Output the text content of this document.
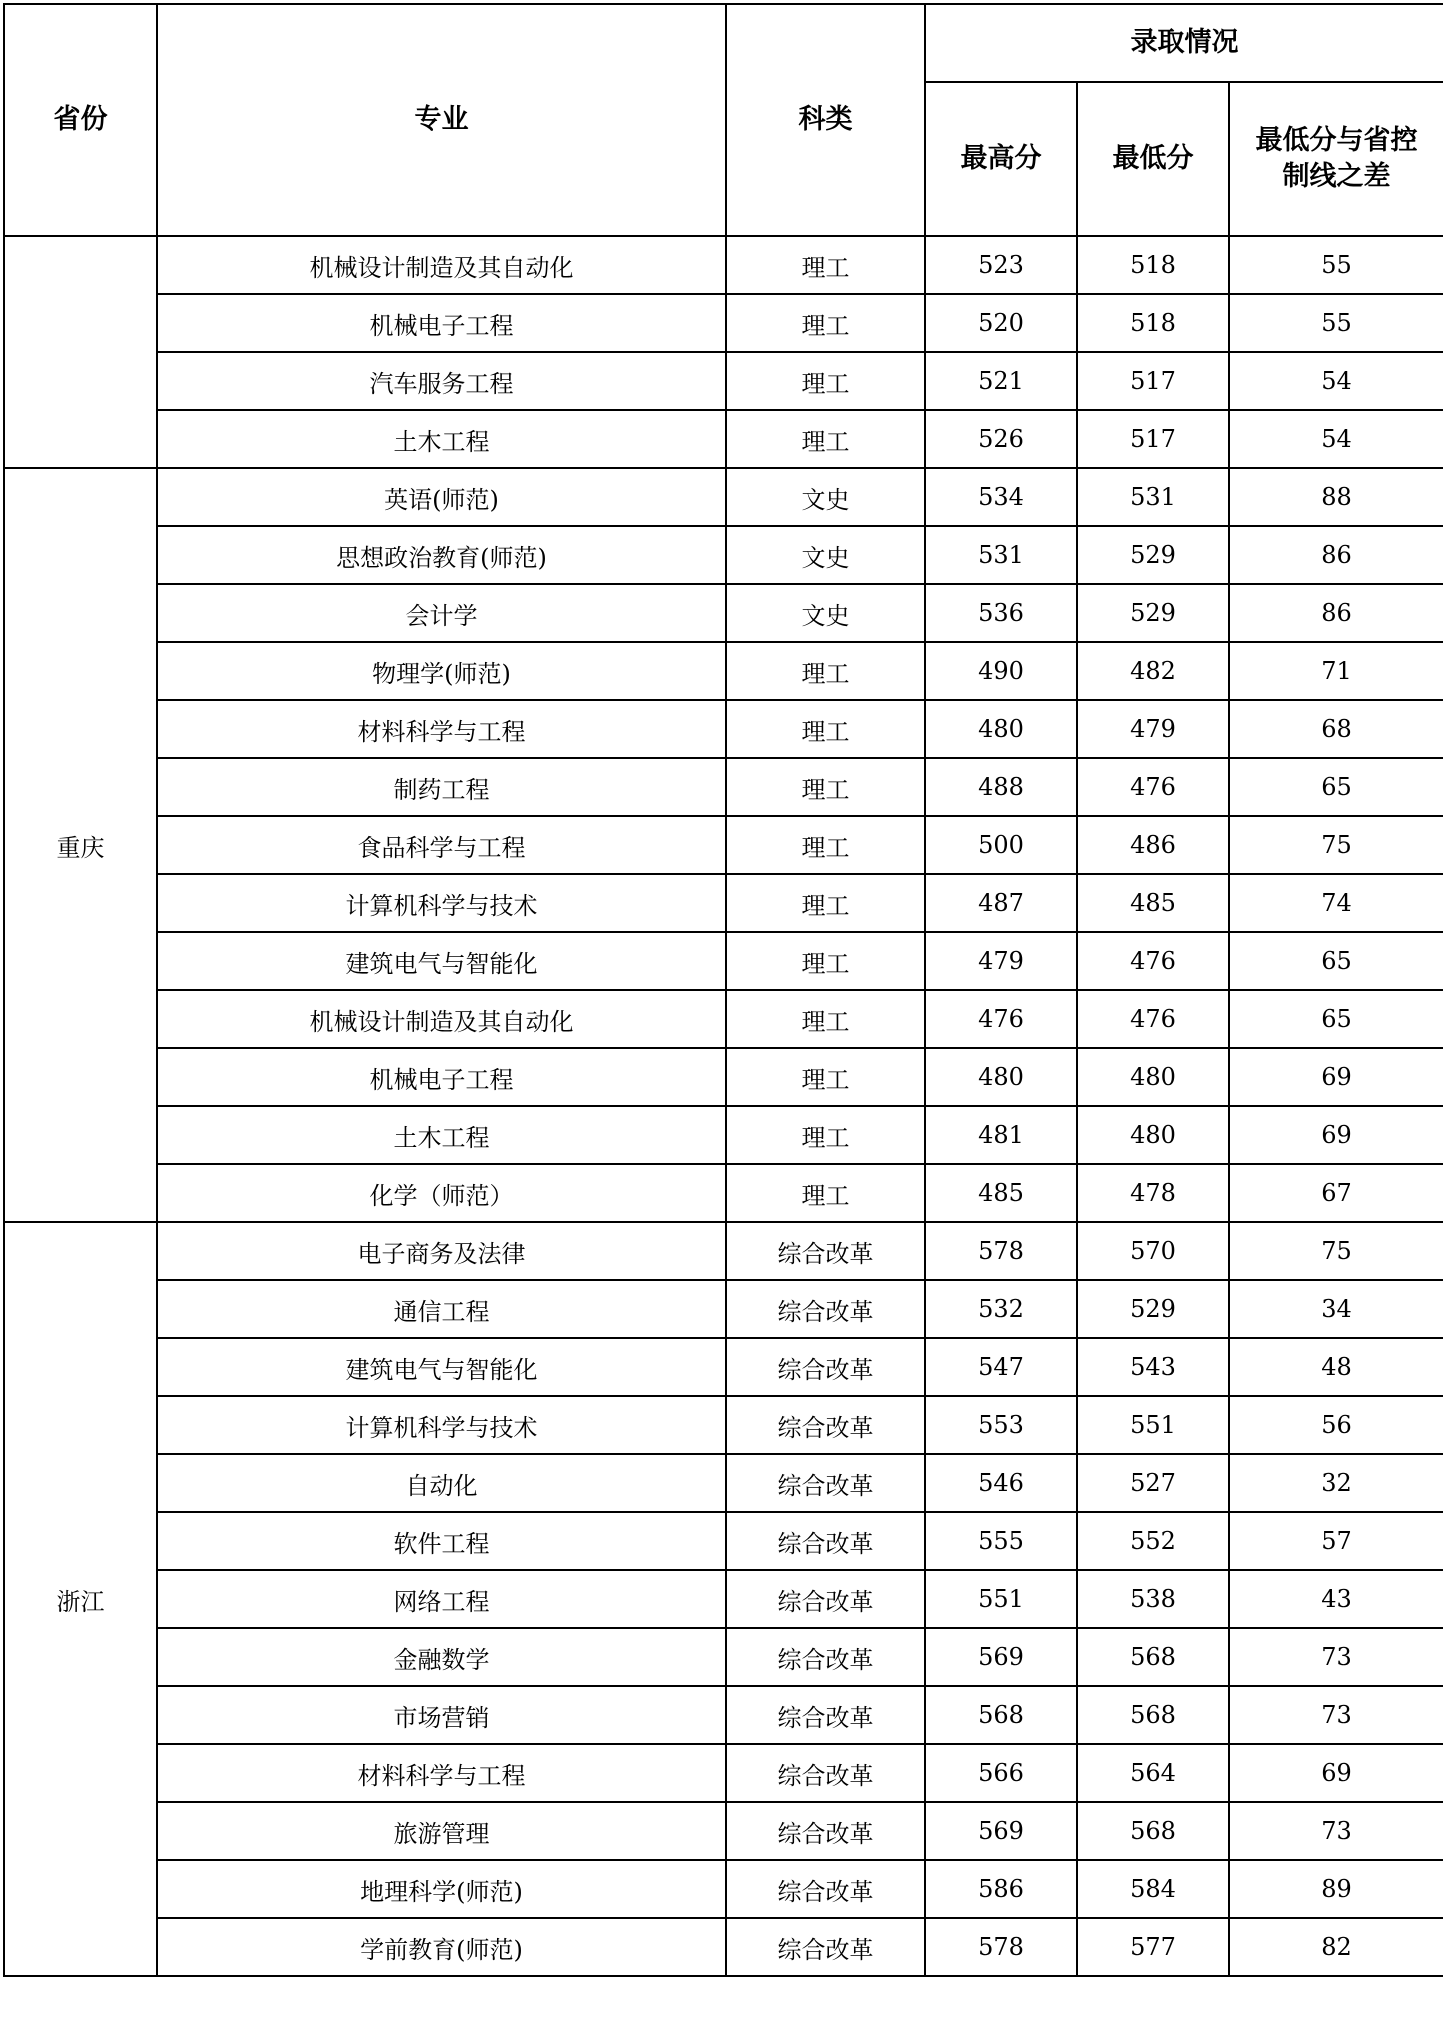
省份	专业	科类	录取情况		
			最高分	最低分	最低分与省控制线之差

	机械设计制造及其自动化	理工	523	518	55
	机械电子工程	理工	520	518	55
	汽车服务工程	理工	521	517	54
	土木工程	理工	526	517	54
重庆	英语(师范)	文史	534	531	88
	思想政治教育(师范)	文史	531	529	86
	会计学	文史	536	529	86
	物理学(师范)	理工	490	482	71
	材料科学与工程	理工	480	479	68
	制药工程	理工	488	476	65
	食品科学与工程	理工	500	486	75
	计算机科学与技术	理工	487	485	74
	建筑电气与智能化	理工	479	476	65
	机械设计制造及其自动化	理工	476	476	65
	机械电子工程	理工	480	480	69
	土木工程	理工	481	480	69
	化学（师范）	理工	485	478	67
浙江	电子商务及法律	综合改革	578	570	75
	通信工程	综合改革	532	529	34
	建筑电气与智能化	综合改革	547	543	48
	计算机科学与技术	综合改革	553	551	56
	自动化	综合改革	546	527	32
	软件工程	综合改革	555	552	57
	网络工程	综合改革	551	538	43
	金融数学	综合改革	569	568	73
	市场营销	综合改革	568	568	73
	材料科学与工程	综合改革	566	564	69
	旅游管理	综合改革	569	568	73
	地理科学(师范)	综合改革	586	584	89
	学前教育(师范)	综合改革	578	577	82
